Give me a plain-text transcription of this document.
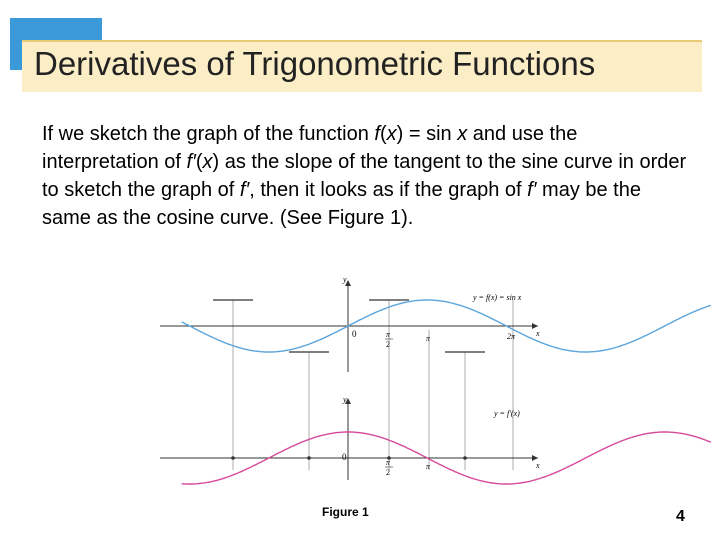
Derivatives of Trigonometric Functions
If we sketch the graph of the function f(x) = sin x and use the interpretation of f′(x) as the slope of the tangent to the sine curve in order to sketch the graph of f′, then it looks as if the graph of f′ may be the same as the cosine curve. (See Figure 1).
y
x
0	π
2
π	2π
y = f(x) = sin x
y
x
0
π
2
π
y = f′(x)
Figure 1	4
